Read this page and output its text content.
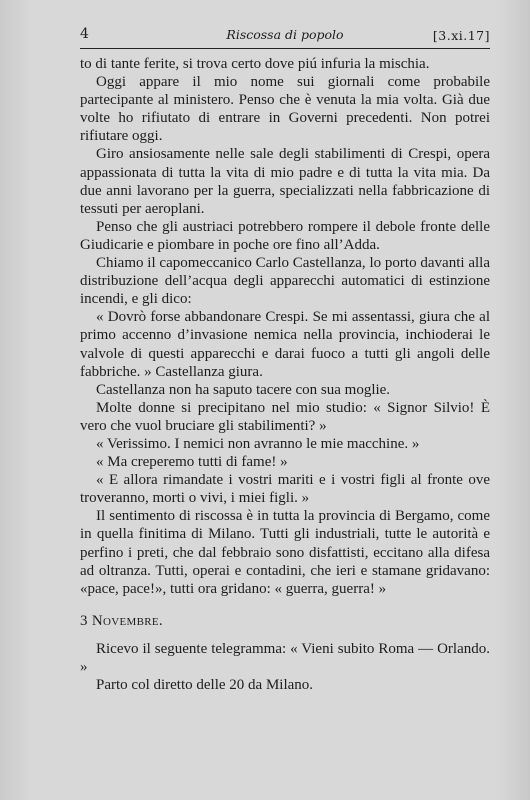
4	Riscossa di popolo	[3.xi.17]

to di tante ferite, si trova certo dove piú infuria la mischia.

Oggi appare il mio nome sui giornali come probabile partecipante al ministero. Penso che è venuta la mia volta. Già due volte ho rifiutato di entrare in Governi precedenti. Non potrei rifiutare oggi.

Giro ansiosamente nelle sale degli stabilimenti di Crespi, opera appassionata di tutta la vita di mio padre e di tutta la vita mia. Da due anni lavorano per la guerra, specializzati nella fabbricazione di tessuti per aeroplani.

Penso che gli austriaci potrebbero rompere il debole fronte delle Giudicarie e piombare in poche ore fino all’Adda.

Chiamo il capomeccanico Carlo Castellanza, lo porto davanti alla distribuzione dell’acqua degli apparecchi automatici di estinzione incendi, e gli dico:

« Dovrò forse abbandonare Crespi. Se mi assentassi, giura che al primo accenno d’invasione nemica nella provincia, inchioderai le valvole di questi apparecchi e darai fuoco a tutti gli angoli delle fabbriche. » Castellanza giura.

Castellanza non ha saputo tacere con sua moglie.

Molte donne si precipitano nel mio studio: « Signor Silvio! È vero che vuol bruciare gli stabilimenti? »

« Verissimo. I nemici non avranno le mie macchine. »

« Ma creperemo tutti di fame! »

« E allora rimandate i vostri mariti e i vostri figli al fronte ove troveranno, morti o vivi, i miei figli. »

Il sentimento di riscossa è in tutta la provincia di Bergamo, come in quella finitima di Milano. Tutti gli industriali, tutte le autorità e perfino i preti, che dal febbraio sono disfattisti, eccitano alla difesa ad oltranza. Tutti, operai e contadini, che ieri e stamane gridavano: «pace, pace!», tutti ora gridano: « guerra, guerra! »

3 Novembre.

Ricevo il seguente telegramma: « Vieni subito Roma — Orlando. »

Parto col diretto delle 20 da Milano.
